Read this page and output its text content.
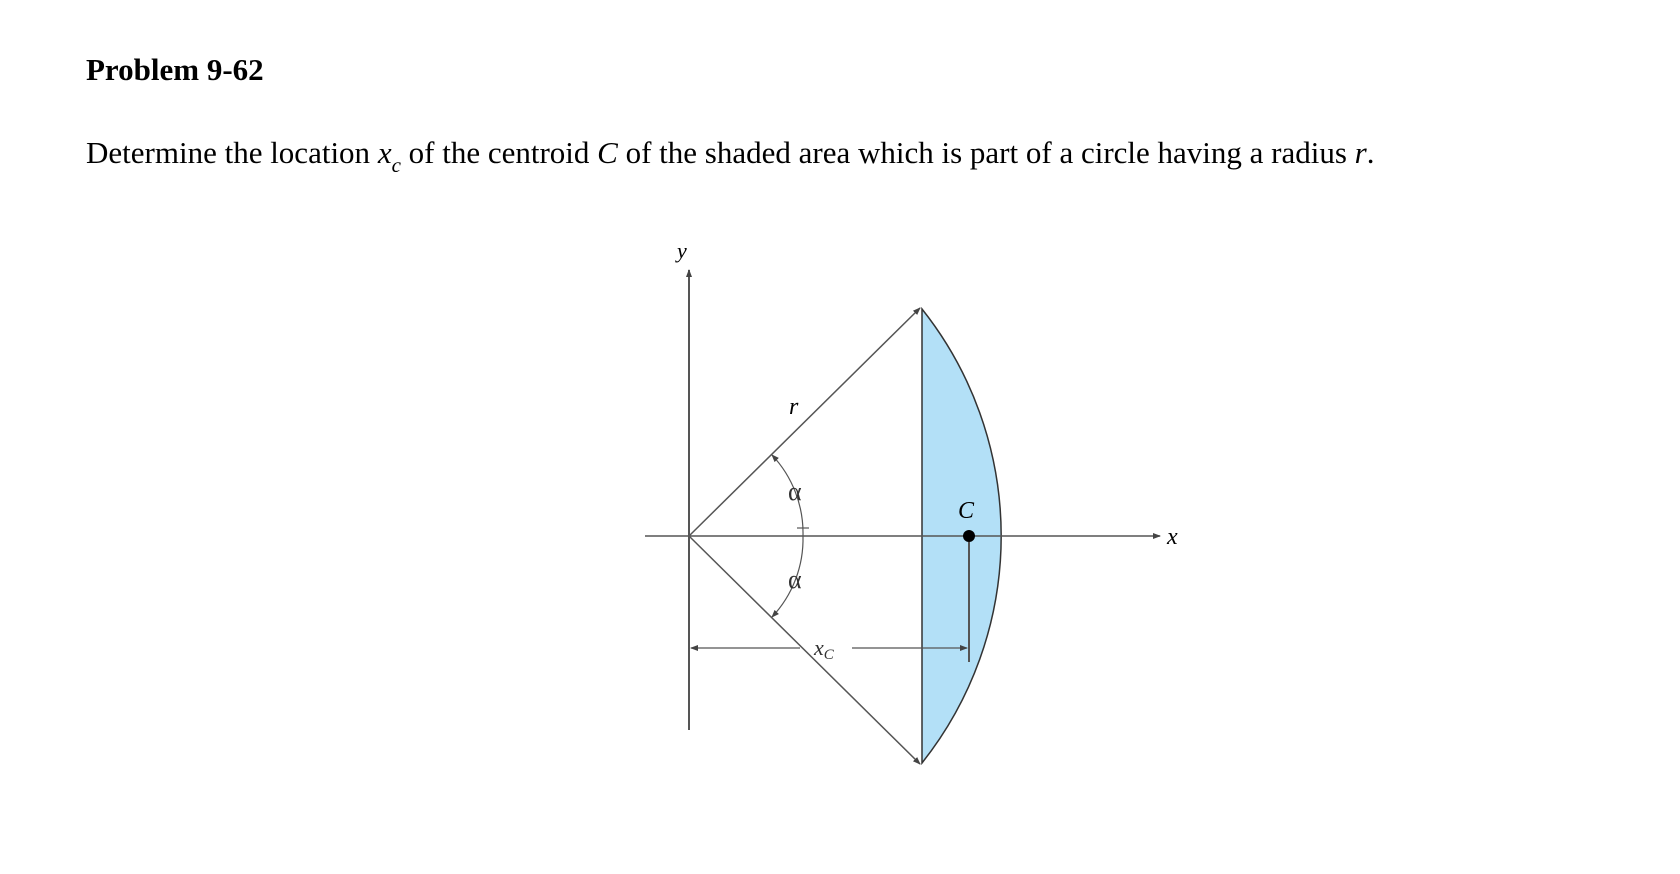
Problem 9-62
Determine the location $x_c$ of the centroid C of the shaded area which is part of a circle having a radius r.
y
x
r
α
α
C
xC
